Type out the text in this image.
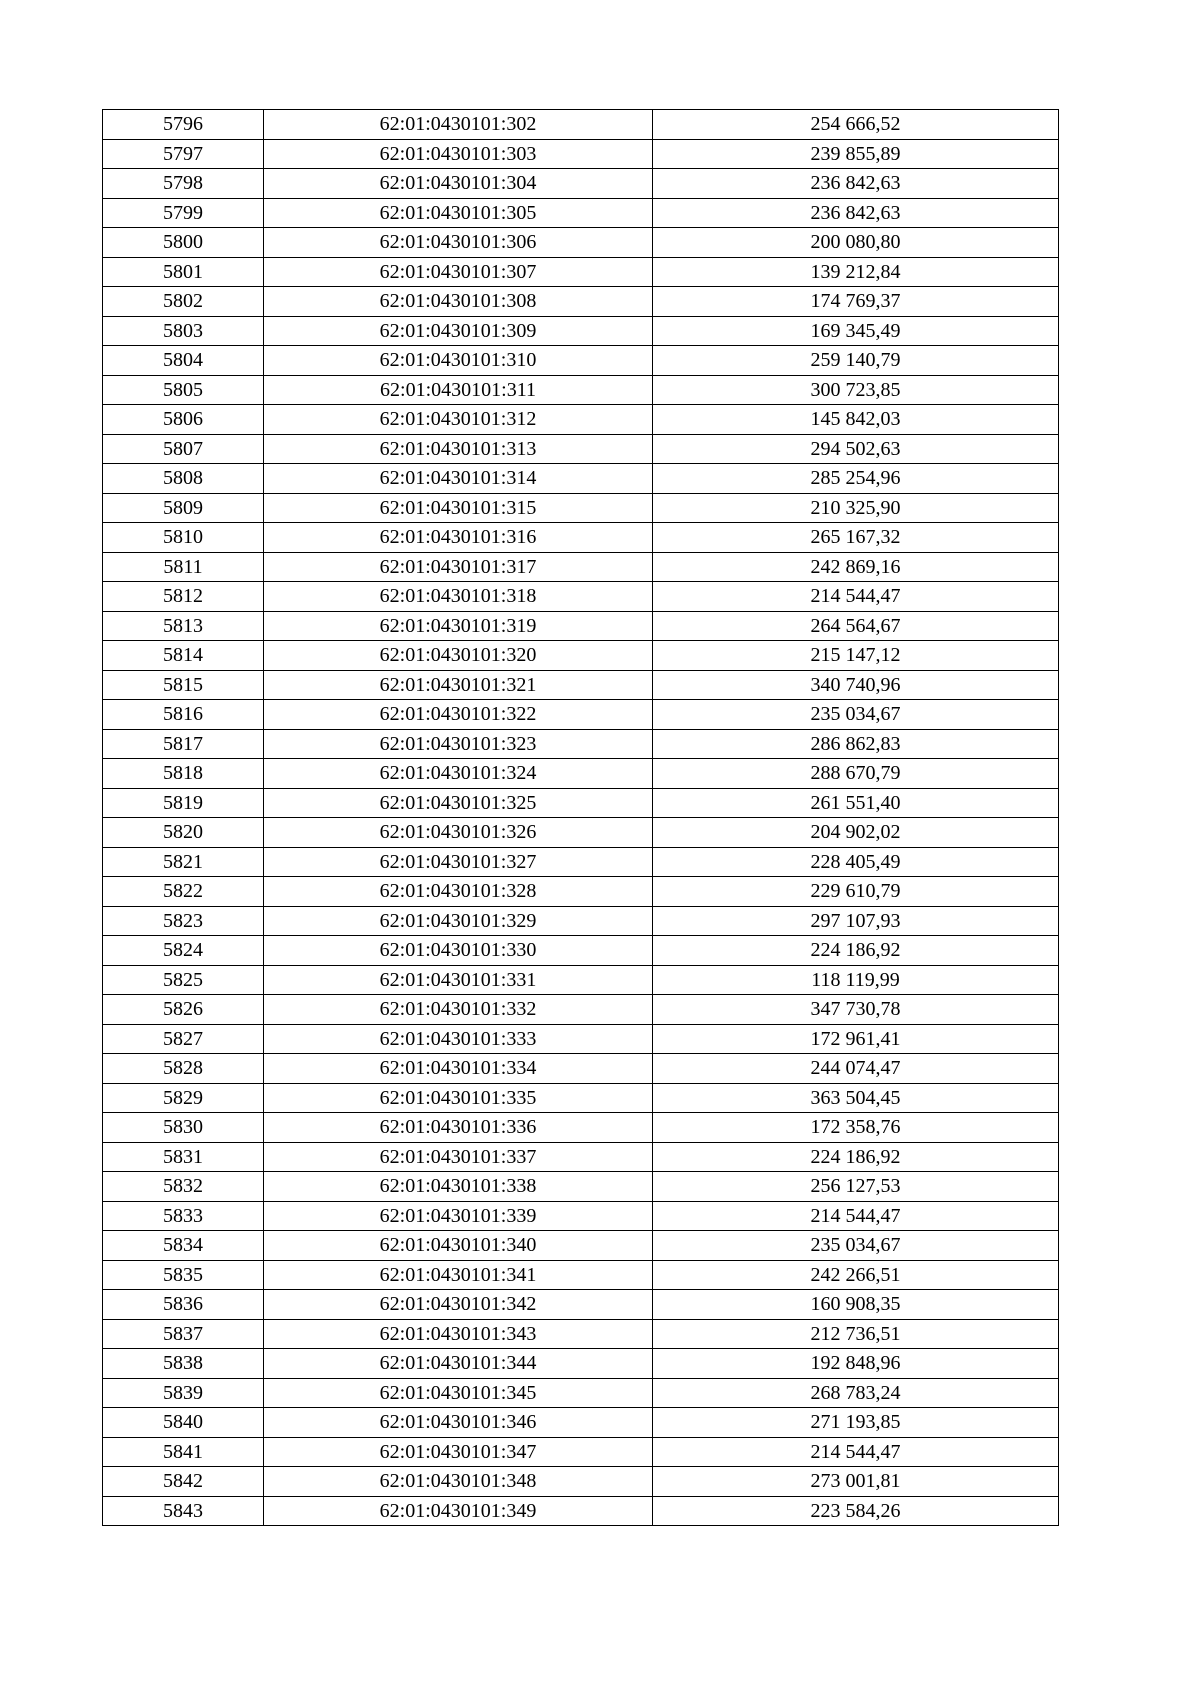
5796	62:01:0430101:302	254 666,52
5797	62:01:0430101:303	239 855,89
5798	62:01:0430101:304	236 842,63
5799	62:01:0430101:305	236 842,63
5800	62:01:0430101:306	200 080,80
5801	62:01:0430101:307	139 212,84
5802	62:01:0430101:308	174 769,37
5803	62:01:0430101:309	169 345,49
5804	62:01:0430101:310	259 140,79
5805	62:01:0430101:311	300 723,85
5806	62:01:0430101:312	145 842,03
5807	62:01:0430101:313	294 502,63
5808	62:01:0430101:314	285 254,96
5809	62:01:0430101:315	210 325,90
5810	62:01:0430101:316	265 167,32
5811	62:01:0430101:317	242 869,16
5812	62:01:0430101:318	214 544,47
5813	62:01:0430101:319	264 564,67
5814	62:01:0430101:320	215 147,12
5815	62:01:0430101:321	340 740,96
5816	62:01:0430101:322	235 034,67
5817	62:01:0430101:323	286 862,83
5818	62:01:0430101:324	288 670,79
5819	62:01:0430101:325	261 551,40
5820	62:01:0430101:326	204 902,02
5821	62:01:0430101:327	228 405,49
5822	62:01:0430101:328	229 610,79
5823	62:01:0430101:329	297 107,93
5824	62:01:0430101:330	224 186,92
5825	62:01:0430101:331	118 119,99
5826	62:01:0430101:332	347 730,78
5827	62:01:0430101:333	172 961,41
5828	62:01:0430101:334	244 074,47
5829	62:01:0430101:335	363 504,45
5830	62:01:0430101:336	172 358,76
5831	62:01:0430101:337	224 186,92
5832	62:01:0430101:338	256 127,53
5833	62:01:0430101:339	214 544,47
5834	62:01:0430101:340	235 034,67
5835	62:01:0430101:341	242 266,51
5836	62:01:0430101:342	160 908,35
5837	62:01:0430101:343	212 736,51
5838	62:01:0430101:344	192 848,96
5839	62:01:0430101:345	268 783,24
5840	62:01:0430101:346	271 193,85
5841	62:01:0430101:347	214 544,47
5842	62:01:0430101:348	273 001,81
5843	62:01:0430101:349	223 584,26
